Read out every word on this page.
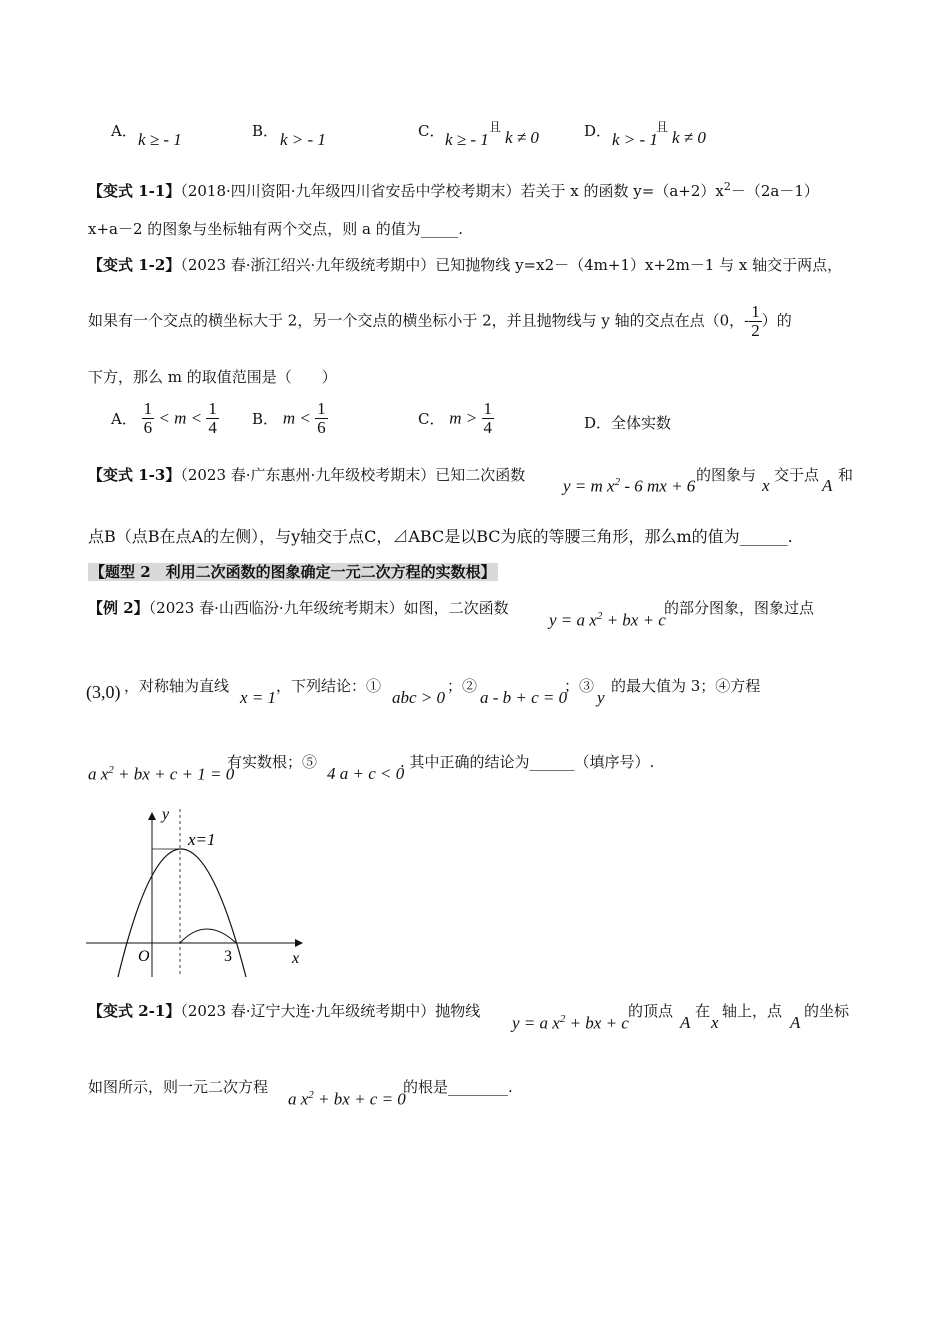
A． k ≥ - 1	B． k > - 1	C． k ≥ - 1
且
k ≠ 0	D． k > - 1
且
k ≠ 0
【变式 1-1】（2018·四川资阳·九年级四川省安岳中学校考期末）若关于 x 的函数 $y=(a+2)x^2-(2a-1)$
x+a－2 的图象与坐标轴有两个交点，则 a 的值为_____.
【变式 1-2】（2023 春·浙江绍兴·九年级统考期中）已知抛物线 y=x2－（4m+1）x+2m－1 与 x 轴交于两点，
如果有一个交点的横坐标大于 2，另一个交点的横坐标小于 2，并且抛物线与 y 轴的交点在点（0，- $\frac{1}{2}$ ）的
下方，那么 m 的取值范围是（　　）
A． $\frac{1}{6} < m < \frac{1}{4}$ B． $m < \frac{1}{6}$	C． $m > \frac{1}{4}$	D．全体实数
【变式 1-3】（2023 春·广东惠州·九年级校考期末）已知二次函数
y = m $x^2 - 6$ mx + 6
的图象与
x
交于点
A
和
点B（点B在点A的左侧），与y轴交于点C，⊿ABC是以BC为底的等腰三角形，那么m的值为______.
【题型 2　利用二次函数的图象确定一元二次方程的实数根】
【例 2】（2023 春·山西临汾·九年级统考期末）如图，二次函数
y = a $x^2$ + bx + c
的部分图象，图象过点
(3,0) ，对称轴为直线
x = 1
，下列结论：①
abc > 0
；②
a - b + c = 0
；③
y
的最大值为 3；④方程
a $x^2$ + bx + c + 1 = 0
有实数根；⑤
4 a + c < 0
. 其中正确的结论为______（填序号）.
y
x
O	3
x=1
【变式 2-1】（2023 春·辽宁大连·九年级统考期中）抛物线
y = a $x^2$ + bx + c
的顶点
A
在
x
轴上，点
A
的坐标
如图所示，则一元二次方程
a $x^2$ + bx + c = 0
的根是________.
